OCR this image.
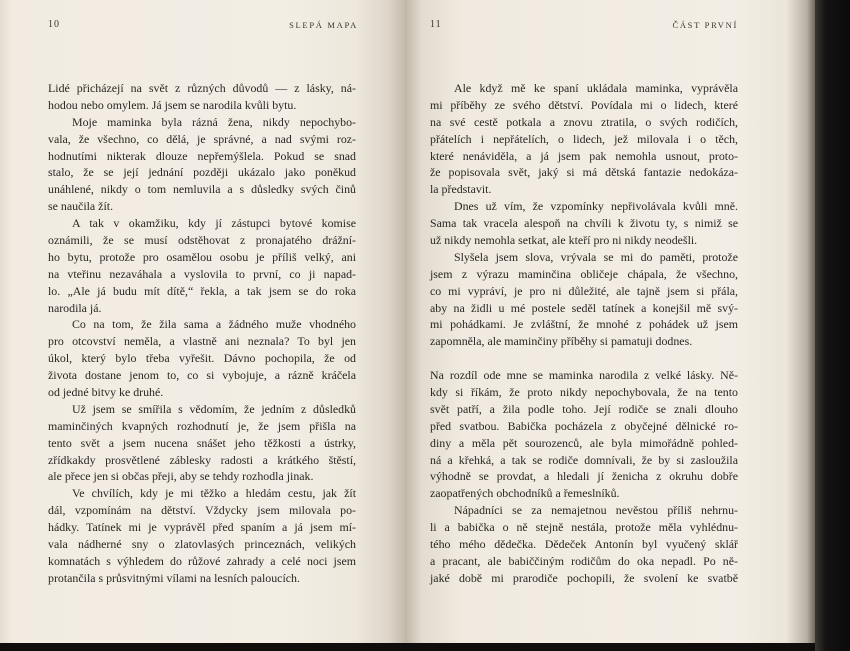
10	SLEPÁ MAPA	11	ČÁST PRVNÍ
Lidé přicházejí na svět z různých důvodů — z lásky, ná-
hodou nebo omylem. Já jsem se narodila kvůli bytu.
Moje maminka byla rázná žena, nikdy nepochybo-
vala, že všechno, co dělá, je správné, a nad svými roz-
hodnutími nikterak dlouze nepřemýšlela. Pokud se snad
stalo, že se její jednání později ukázalo jako poněkud
unáhlené, nikdy o tom nemluvila a s důsledky svých činů
se naučila žít.
A tak v okamžiku, kdy jí zástupci bytové komise
oznámili, že se musí odstěhovat z pronajatého drážní-
ho bytu, protože pro osamělou osobu je příliš velký, ani
na vteřinu nezaváhala a vyslovila to první, co ji napad-
lo. „Ale já budu mít dítě,“ řekla, a tak jsem se do roka
narodila já.
Co na tom, že žila sama a žádného muže vhodného
pro otcovství neměla, a vlastně ani neznala? To byl jen
úkol, který bylo třeba vyřešit. Dávno pochopila, že od
života dostane jenom to, co si vybojuje, a rázně kráčela
od jedné bitvy ke druhé.
Už jsem se smířila s vědomím, že jedním z důsledků
maminčiných kvapných rozhodnutí je, že jsem přišla na
tento svět a jsem nucena snášet jeho těžkosti a ústrky,
zřídkakdy prosvětlené záblesky radosti a krátkého štěstí,
ale přece jen si občas přeji, aby se tehdy rozhodla jinak.
Ve chvílích, kdy je mi těžko a hledám cestu, jak žít
dál, vzpomínám na dětství. Vždycky jsem milovala po-
hádky. Tatínek mi je vyprávěl před spaním a já jsem mí-
vala nádherné sny o zlatovlasých princeznách, velikých
komnatách s výhledem do růžové zahrady a celé noci jsem
protančila s průsvitnými vílami na lesních paloucích.
Ale když mě ke spaní ukládala maminka, vyprávěla
mi příběhy ze svého dětství. Povídala mi o lidech, které
na své cestě potkala a znovu ztratila, o svých rodičích,
přátelích i nepřátelích, o lidech, jež milovala i o těch,
které nenáviděla, a já jsem pak nemohla usnout, proto-
že popisovala svět, jaký si má dětská fantazie nedokáza-
la představit.
Dnes už vím, že vzpomínky nepřivolávala kvůli mně.
Sama tak vracela alespoň na chvíli k životu ty, s nimiž se
už nikdy nemohla setkat, ale kteří pro ni nikdy neodešli.
Slyšela jsem slova, vrývala se mi do paměti, protože
jsem z výrazu maminčina obličeje chápala, že všechno,
co mi vypráví, je pro ni důležité, ale tajně jsem si přála,
aby na židli u mé postele seděl tatínek a konejšil mě svý-
mi pohádkami. Je zvláštní, že mnohé z pohádek už jsem
zapomněla, ale maminčiny příběhy si pamatuji dodnes.
Na rozdíl ode mne se maminka narodila z velké lásky. Ně-
kdy si říkám, že proto nikdy nepochybovala, že na tento
svět patří, a žila podle toho. Její rodiče se znali dlouho
před svatbou. Babička pocházela z obyčejné dělnické ro-
diny a měla pět sourozenců, ale byla mimořádně pohled-
ná a křehká, a tak se rodiče domnívali, že by si zasloužila
výhodně se provdat, a hledali jí ženicha z okruhu dobře
zaopatřených obchodníků a řemeslníků.
Nápadníci se za nemajetnou nevěstou příliš nehrnu-
li a babička o ně stejně nestála, protože měla vyhlédnu-
tého mého dědečka. Dědeček Antonín byl vyučený sklář
a pracant, ale babiččiným rodičům do oka nepadl. Po ně-
jaké době mi prarodiče pochopili, že svolení ke svatbě
